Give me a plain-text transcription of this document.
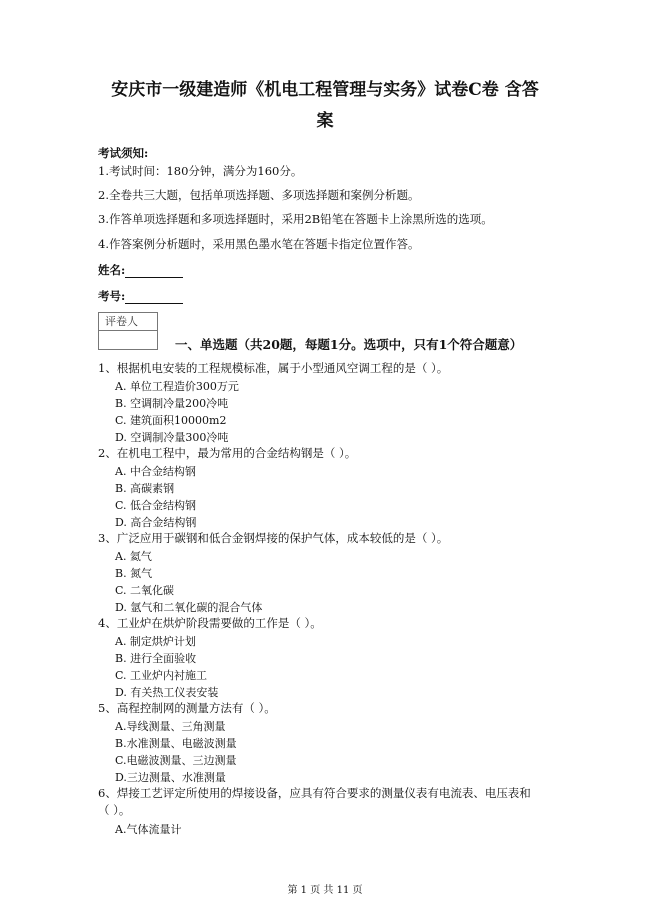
安庆市一级建造师《机电工程管理与实务》试卷C卷 含答
案
考试须知:
1.考试时间：180分钟，满分为160分。
2.全卷共三大题，包括单项选择题、多项选择题和案例分析题。
3.作答单项选择题和多项选择题时，采用2B铅笔在答题卡上涂黑所选的选项。
4.作答案例分析题时，采用黑色墨水笔在答题卡指定位置作答。
姓名:
考号:
评卷人
一、单选题（共20题，每题1分。选项中，只有1个符合题意）
1、根据机电安装的工程规模标准，属于小型通风空调工程的是（ ）。
A. 单位工程造价300万元
B. 空调制冷量200冷吨
C. 建筑面积10000m2
D. 空调制冷量300冷吨
2、在机电工程中，最为常用的合金结构钢是（ ）。
A. 中合金结构钢
B. 高碳素钢
C. 低合金结构钢
D. 高合金结构钢
3、广泛应用于碳钢和低合金钢焊接的保护气体，成本较低的是（ ）。
A. 氦气
B. 氮气
C. 二氧化碳
D. 氩气和二氧化碳的混合气体
4、工业炉在烘炉阶段需要做的工作是（ ）。
A. 制定烘炉计划
B. 进行全面验收
C. 工业炉内衬施工
D. 有关热工仪表安装
5、高程控制网的测量方法有（ ）。
A.导线测量、三角测量
B.水准测量、电磁波测量
C.电磁波测量、三边测量
D.三边测量、水准测量
6、焊接工艺评定所使用的焊接设备，应具有符合要求的测量仪表有电流表、电压表和
（ ）。
A.气体流量计
第 1 页 共 11 页
